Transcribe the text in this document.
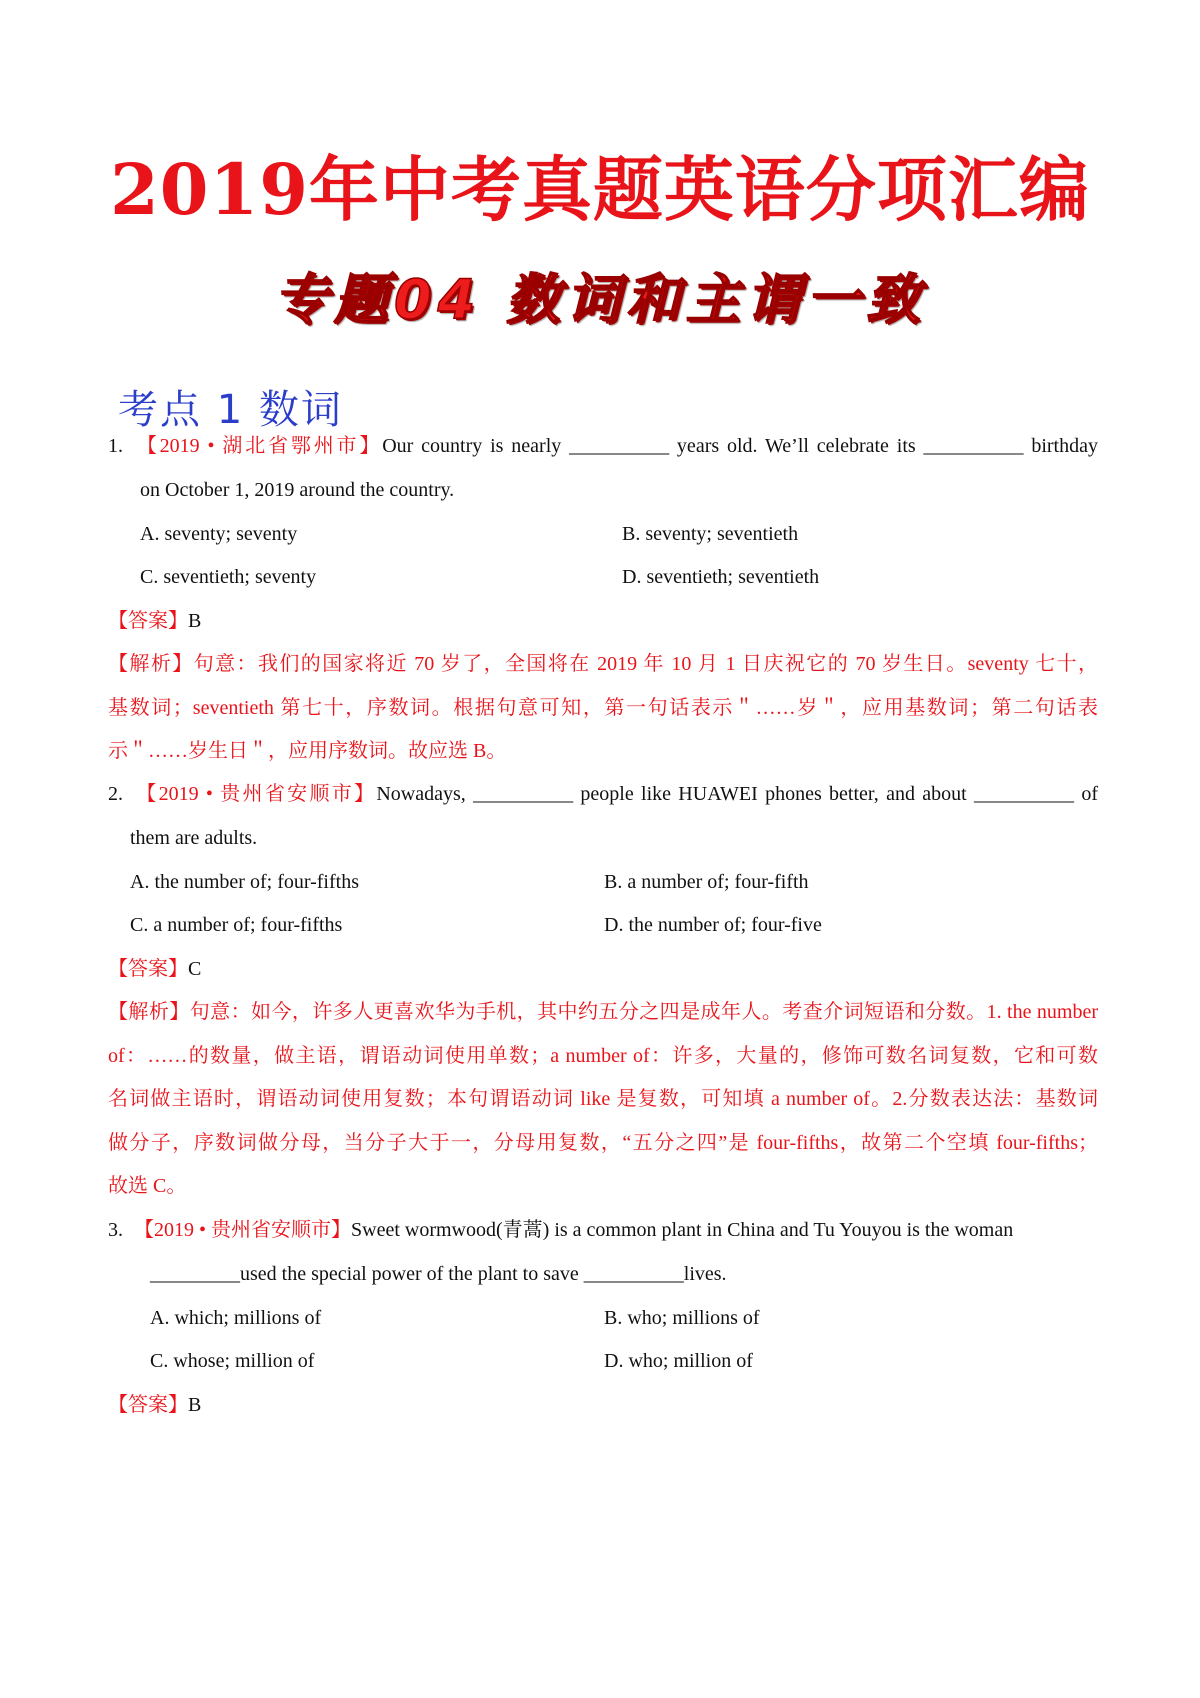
2019年中考真题英语分项汇编
专题04 数词和主谓一致
考点 1 数词
1. 【2019 • 湖北省鄂州市】Our country is nearly __________ years old. We’ll celebrate its __________ birthday
on October 1, 2019 around the country.
A. seventy; seventy	B. seventy; seventieth
C. seventieth; seventy	D. seventieth; seventieth
【答案】B
【解析】句意：我们的国家将近 70 岁了，全国将在 2019 年 10 月 1 日庆祝它的 70 岁生日。seventy 七十，
基数词；seventieth 第七十，序数词。根据句意可知，第一句话表示＂……岁＂，应用基数词；第二句话表
示＂……岁生日＂，应用序数词。故应选 B。
2. 【2019 • 贵州省安顺市】Nowadays, __________ people like HUAWEI phones better, and about __________ of
them are adults.
A. the number of; four-fifths	B. a number of; four-fifth
C. a number of; four-fifths	D. the number of; four-five
【答案】C
【解析】句意：如今，许多人更喜欢华为手机，其中约五分之四是成年人。考查介词短语和分数。1. the number
of：……的数量，做主语，谓语动词使用单数；a number of：许多，大量的，修饰可数名词复数，它和可数
名词做主语时，谓语动词使用复数；本句谓语动词 like 是复数，可知填 a number of。2.分数表达法：基数词
做分子，序数词做分母，当分子大于一，分母用复数，“五分之四”是 four-fifths，故第二个空填 four-fifths；
故选 C。
3. 【2019 • 贵州省安顺市】Sweet wormwood(青蒿) is a common plant in China and Tu Youyou is the woman
_________used the special power of the plant to save __________lives.
A. which; millions of	B. who; millions of
C. whose; million of	D. who; million of
【答案】B
